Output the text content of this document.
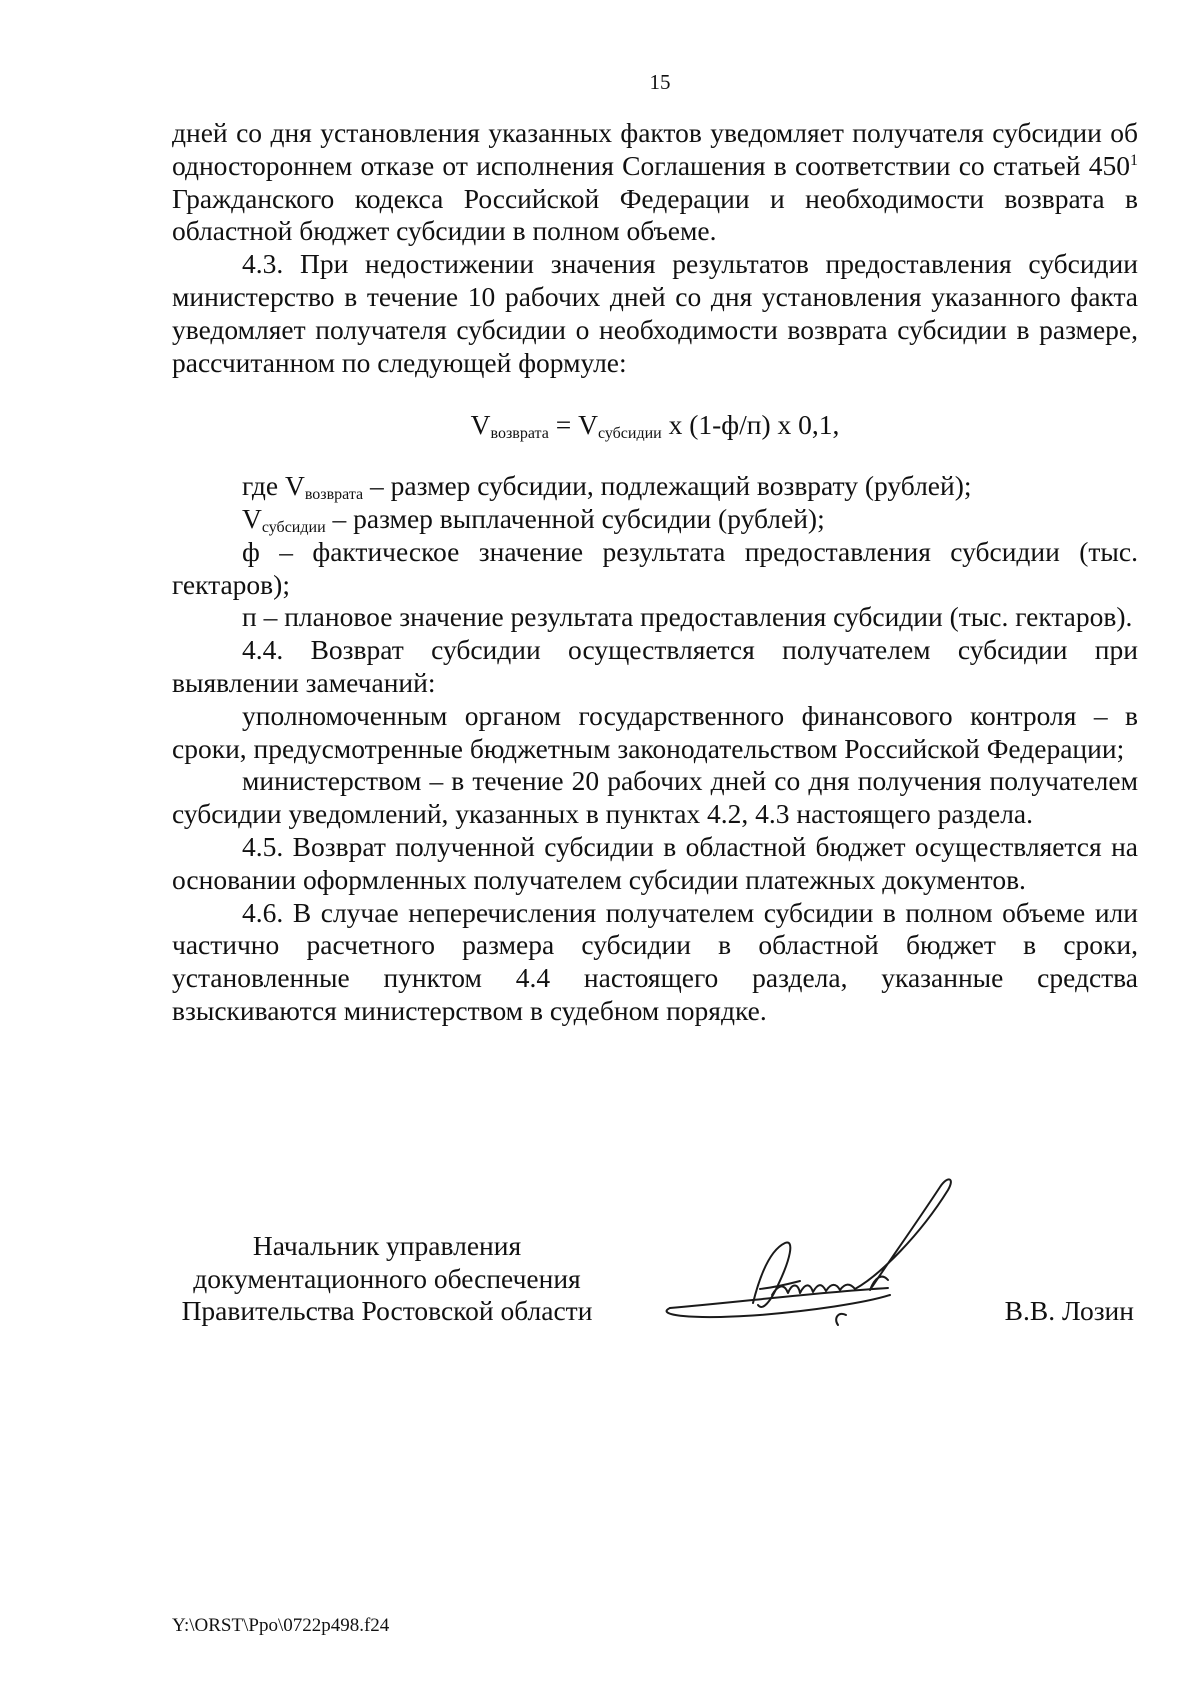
15

дней со дня установления указанных фактов уведомляет получателя субсидии об одностороннем отказе от исполнения Соглашения в соответствии со статьей $450^1$ Гражданского кодекса Российской Федерации и необходимости возврата в областной бюджет субсидии в полном объеме.

4.3. При недостижении значения результатов предоставления субсидии министерство в течение 10 рабочих дней со дня установления указанного факта уведомляет получателя субсидии о необходимости возврата субсидии в размере, рассчитанном по следующей формуле:

$V_{возврата} = V_{субсидии}$ х (1-ф/п) х 0,1,

где $V_{возврата}$ – размер субсидии, подлежащий возврату (рублей);

$V_{субсидии}$ – размер выплаченной субсидии (рублей);

ф – фактическое значение результата предоставления субсидии (тыс. гектаров);

п – плановое значение результата предоставления субсидии (тыс. гектаров).

4.4. Возврат субсидии осуществляется получателем субсидии при выявлении замечаний:

уполномоченным органом государственного финансового контроля – в сроки, предусмотренные бюджетным законодательством Российской Федерации;

министерством – в течение 20 рабочих дней со дня получения получателем субсидии уведомлений, указанных в пунктах 4.2, 4.3 настоящего раздела.

4.5. Возврат полученной субсидии в областной бюджет осуществляется на основании оформленных получателем субсидии платежных документов.

4.6. В случае неперечисления получателем субсидии в полном объеме или частично расчетного размера субсидии в областной бюджет в сроки, установленные пунктом 4.4 настоящего раздела, указанные средства взыскиваются министерством в судебном порядке.

Начальник управления
документационного обеспечения
Правительства Ростовской области	В.В. Лозин
Y:\ORST\Ppo\0722p498.f24
